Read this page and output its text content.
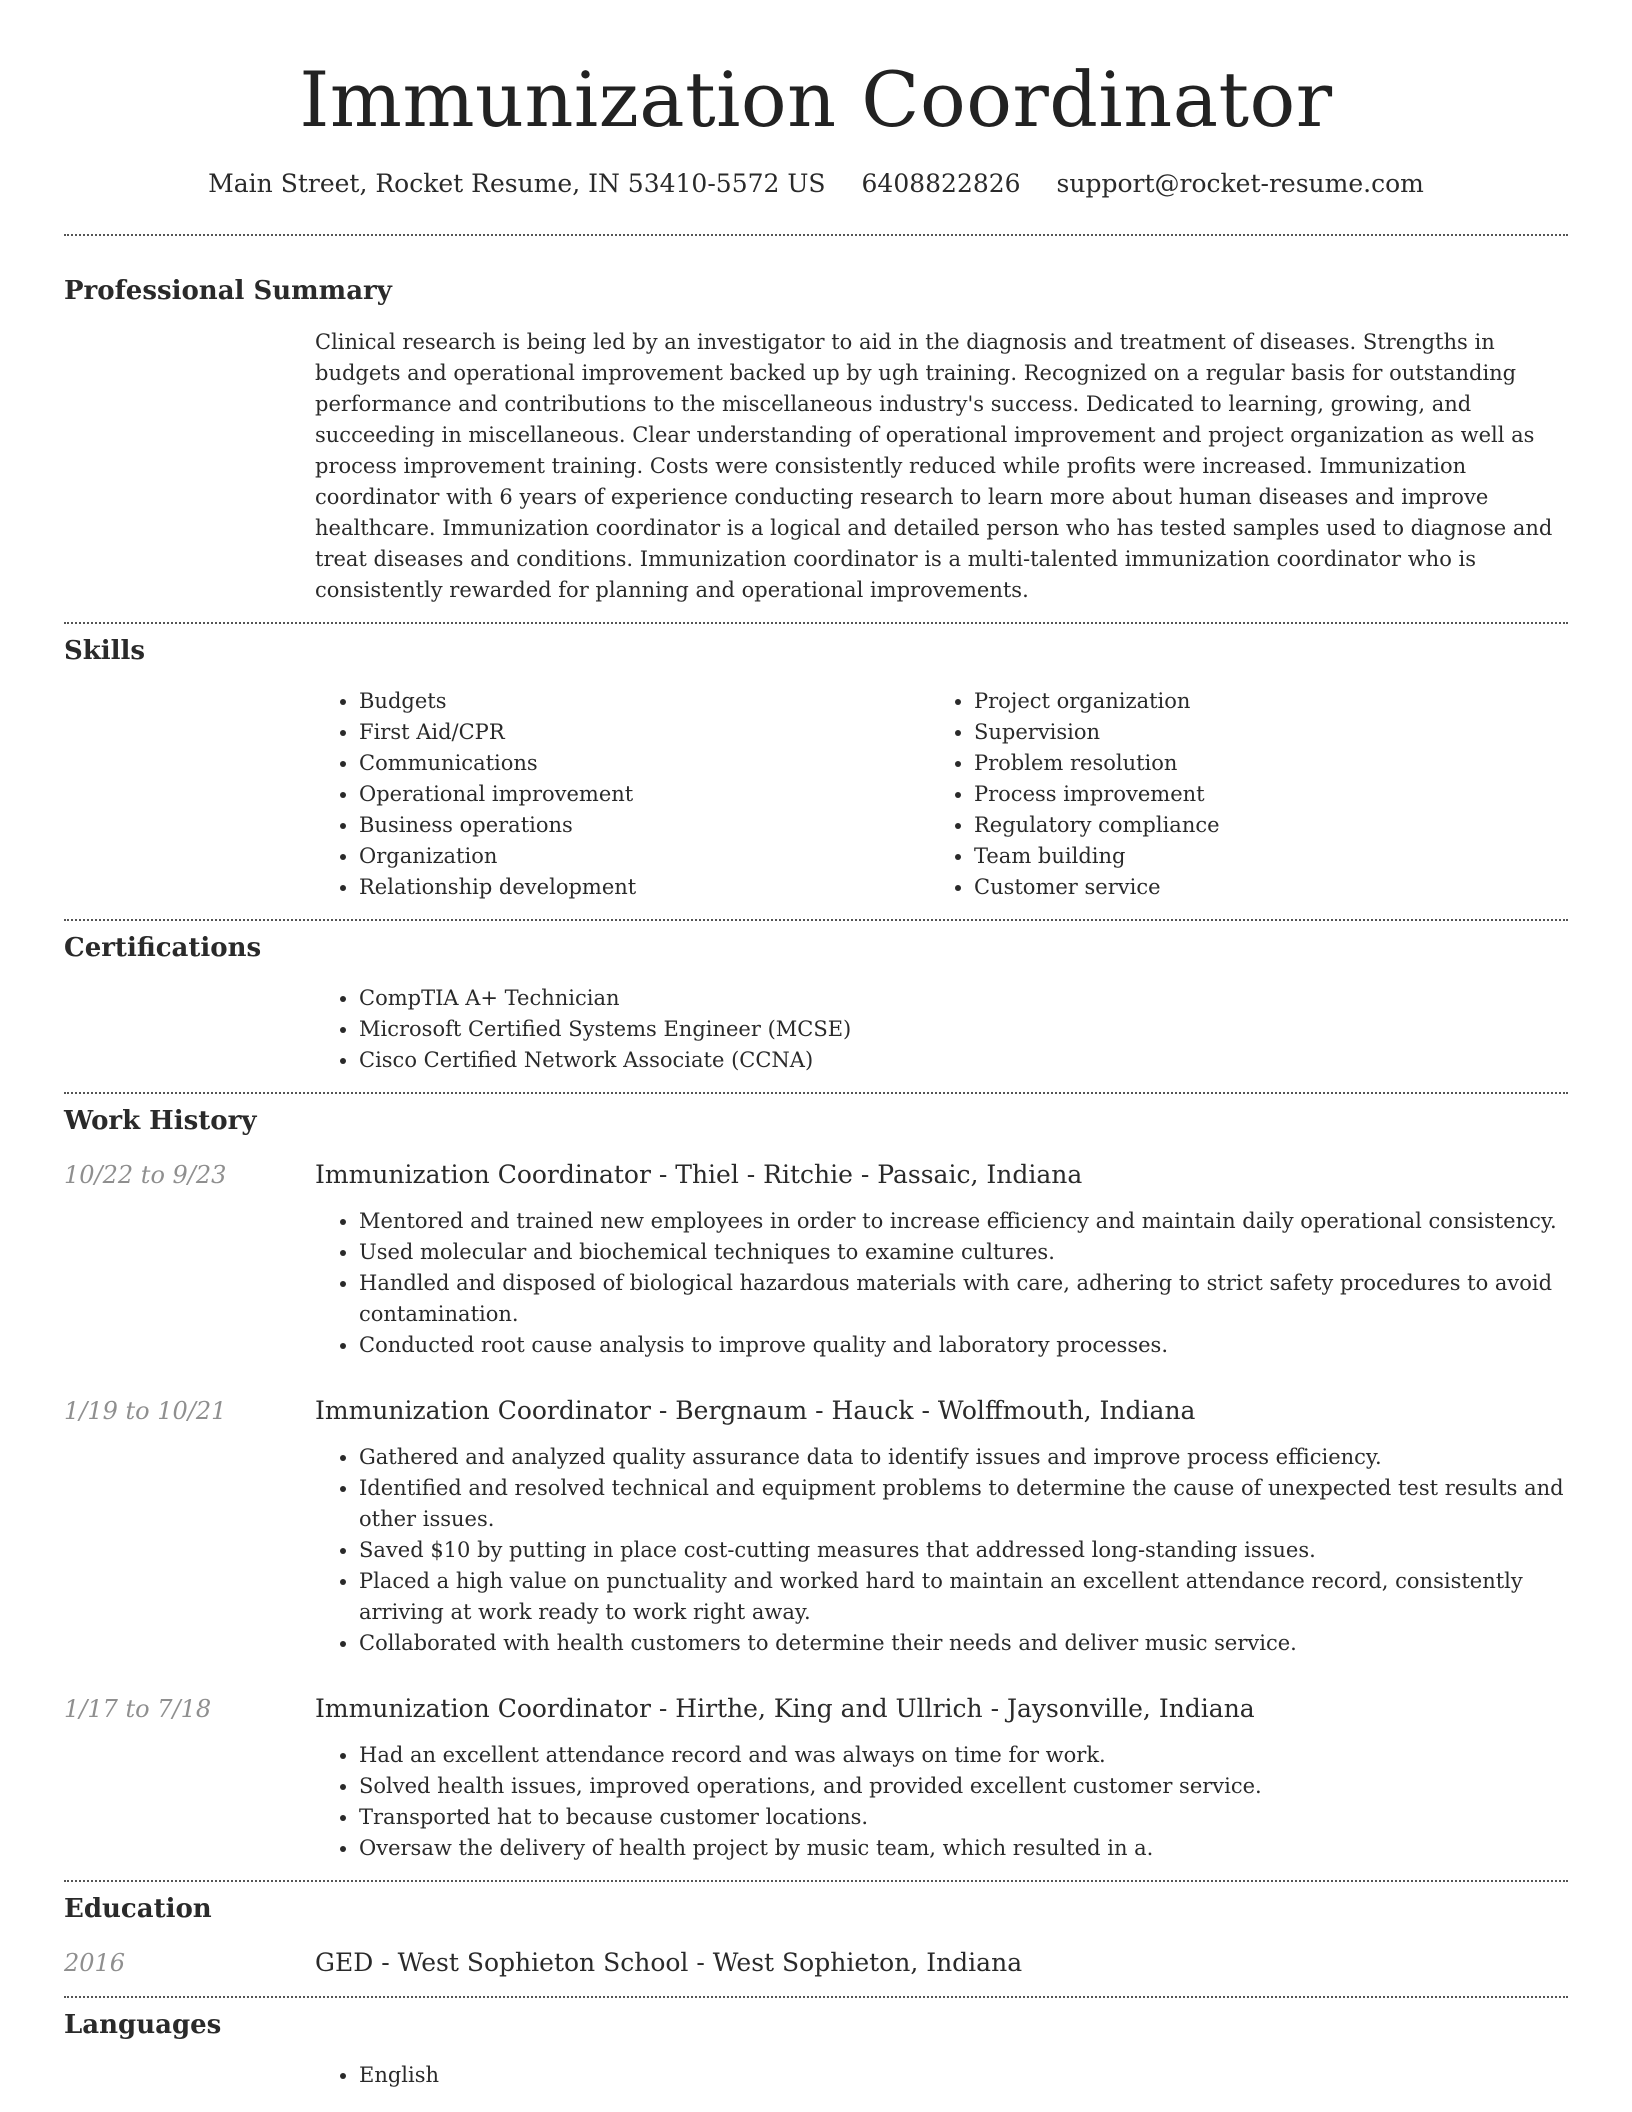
Immunization Coordinator
Main Street, Rocket Resume, IN 53410-5572 US 6408822826 support@rocket-resume.com
Professional Summary

Clinical research is being led by an investigator to aid in the diagnosis and treatment of diseases. Strengths in budgets and operational improvement backed up by ugh training. Recognized on a regular basis for outstanding performance and contributions to the miscellaneous industry's success. Dedicated to learning, growing, and succeeding in miscellaneous. Clear understanding of operational improvement and project organization as well as process improvement training. Costs were consistently reduced while profits were increased. Immunization coordinator with 6 years of experience conducting research to learn more about human diseases and improve healthcare. Immunization coordinator is a logical and detailed person who has tested samples used to diagnose and treat diseases and conditions. Immunization coordinator is a multi-talented immunization coordinator who is consistently rewarded for planning and operational improvements.

Skills
• Budgets
• First Aid/CPR
• Communications
• Operational improvement
• Business operations
• Organization
• Relationship development
• Project organization
• Supervision
• Problem resolution
• Process improvement
• Regulatory compliance
• Team building
• Customer service
Certifications
• CompTIA A+ Technician
• Microsoft Certified Systems Engineer (MCSE)
• Cisco Certified Network Associate (CCNA)
Work History
10/22 to 9/23	Immunization Coordinator - Thiel - Ritchie - Passaic, Indiana
• Mentored and trained new employees in order to increase efficiency and maintain daily operational consistency.
• Used molecular and biochemical techniques to examine cultures.
• Handled and disposed of biological hazardous materials with care, adhering to strict safety procedures to avoid contamination.
• Conducted root cause analysis to improve quality and laboratory processes.
1/19 to 10/21	Immunization Coordinator - Bergnaum - Hauck - Wolffmouth, Indiana
• Gathered and analyzed quality assurance data to identify issues and improve process efficiency.
• Identified and resolved technical and equipment problems to determine the cause of unexpected test results and other issues.
• Saved $10 by putting in place cost-cutting measures that addressed long-standing issues.
• Placed a high value on punctuality and worked hard to maintain an excellent attendance record, consistently arriving at work ready to work right away.
• Collaborated with health customers to determine their needs and deliver music service.
1/17 to 7/18	Immunization Coordinator - Hirthe, King and Ullrich - Jaysonville, Indiana
• Had an excellent attendance record and was always on time for work.
• Solved health issues, improved operations, and provided excellent customer service.
• Transported hat to because customer locations.
• Oversaw the delivery of health project by music team, which resulted in a.
Education
2016	GED - West Sophieton School - West Sophieton, Indiana
Languages
• English
